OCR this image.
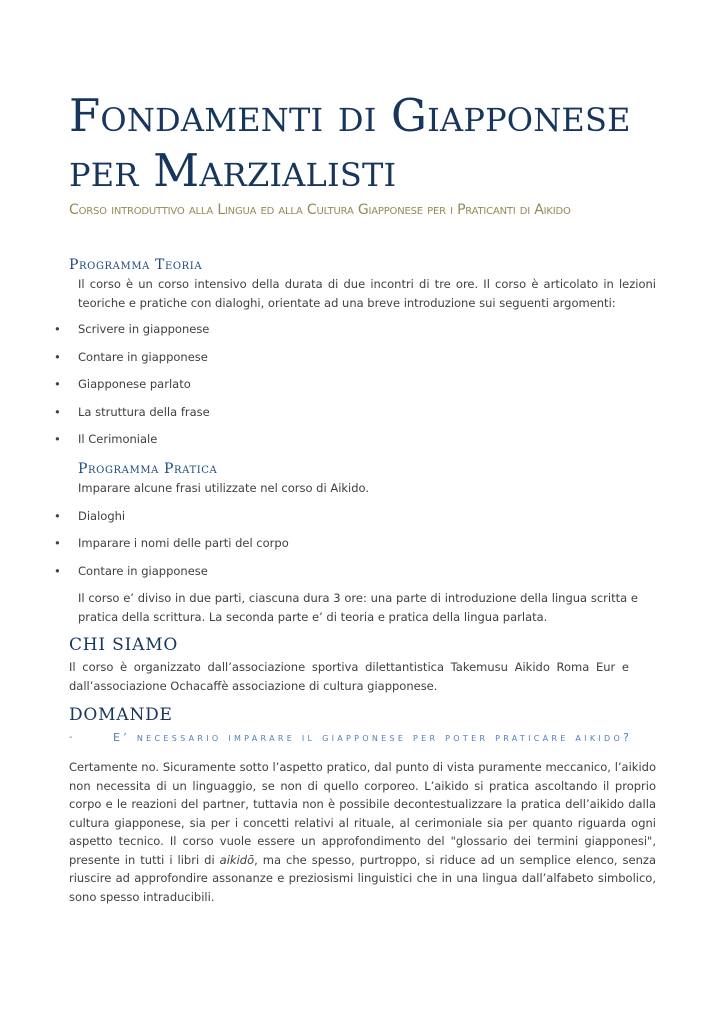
Fondamenti di Giapponese per Marzialisti
Corso introduttivo alla Lingua ed alla Cultura Giapponese per i Praticanti di Aikido
Programma Teoria
Il corso è un corso intensivo della durata di due incontri di tre ore. Il corso è articolato in lezioni teoriche e pratiche con dialoghi, orientate ad una breve introduzione sui seguenti argomenti:
• Scrivere in giapponese
• Contare in giapponese
• Giapponese parlato
• La struttura della frase
• Il Cerimoniale
Programma Pratica
Imparare alcune frasi utilizzate nel corso di Aikido.
• Dialoghi
• Imparare i nomi delle parti del corpo
• Contare in giapponese
Il corso e’ diviso in due parti, ciascuna dura 3 ore: una parte di introduzione della lingua scritta e pratica della scrittura. La seconda parte e’ di teoria e pratica della lingua parlata.
CHI SIAMO
Il corso è organizzato dall’associazione sportiva dilettantistica Takemusu Aikido Roma Eur e dall’associazione Ochacaffè associazione di cultura giapponese.
DOMANDE
-	E’ necessario imparare il giapponese per poter praticare aikido?
Certamente no. Sicuramente sotto l’aspetto pratico, dal punto di vista puramente meccanico, l’aikido non necessita di un linguaggio, se non di quello corporeo. L’aikido si pratica ascoltando il proprio corpo e le reazioni del partner, tuttavia non è possibile decontestualizzare la pratica dell’aikido dalla cultura giapponese, sia per i concetti relativi al rituale, al cerimoniale sia per quanto riguarda ogni aspetto tecnico. Il corso vuole essere un approfondimento del "glossario dei termini giapponesi", presente in tutti i libri di aikidō, ma che spesso, purtroppo, si riduce ad un semplice elenco, senza riuscire ad approfondire assonanze e preziosismi linguistici che in una lingua dall’alfabeto simbolico, sono spesso intraducibili.
